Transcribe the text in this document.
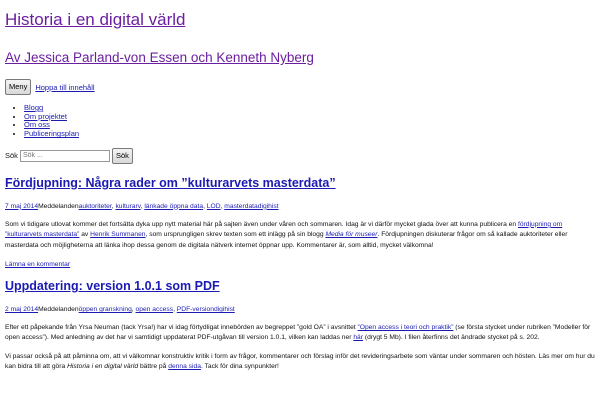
Historia i en digital värld
Av Jessica Parland-von Essen och Kenneth Nyberg
Meny	Hoppa till innehåll
• Blogg
• Om projektet
• Om oss
• Publiceringsplan
Sök
Sök ...	Sök
Fördjupning: Några rader om ”kulturarvets masterdata”
7 maj 2014Meddelandenauktoriteter, kulturarv, länkade öppna data, LOD, masterdatadigihist

Som vi tidigare utlovat kommer det fortsätta dyka upp nytt material här på sajten även under våren och sommaren. Idag är vi därför mycket glada över att kunna publicera en fördjupning om ”kulturarvets masterdata” av Henrik Summanen, som ursprungligen skrev texten som ett inlägg på sin blogg Media för museer. Fördjupningen diskuterar frågor om så kallade auktoriteter eller masterdata och möjligheterna att länka ihop dessa genom de digitala nätverk internet öppnar upp. Kommentarer är, som alltid, mycket välkomna!

Lämna en kommentar
Uppdatering: version 1.0.1 som PDF
2 maj 2014Meddelandenöppen granskning, open access, PDF-versiondigihist

Efter ett påpekande från Yrsa Neuman (tack Yrsa!) har vi idag förtydligat innebörden av begreppet ”gold OA” i avsnittet ”Open access i teori och praktik” (se första stycket under rubriken ”Modeller för open access”). Med anledning av det har vi samtidigt uppdaterat PDF-utgåvan till version 1.0.1, vilken kan laddas ner här (drygt 5 Mb). I filen återfinns det ändrade stycket på s. 202.

Vi passar också på att påminna om, att vi välkomnar konstruktiv kritik i form av frågor, kommentarer och förslag inför det revideringsarbete som väntar under sommaren och hösten. Läs mer om hur du kan bidra till att göra Historia i en digital värld bättre på denna sida. Tack för dina synpunkter!
